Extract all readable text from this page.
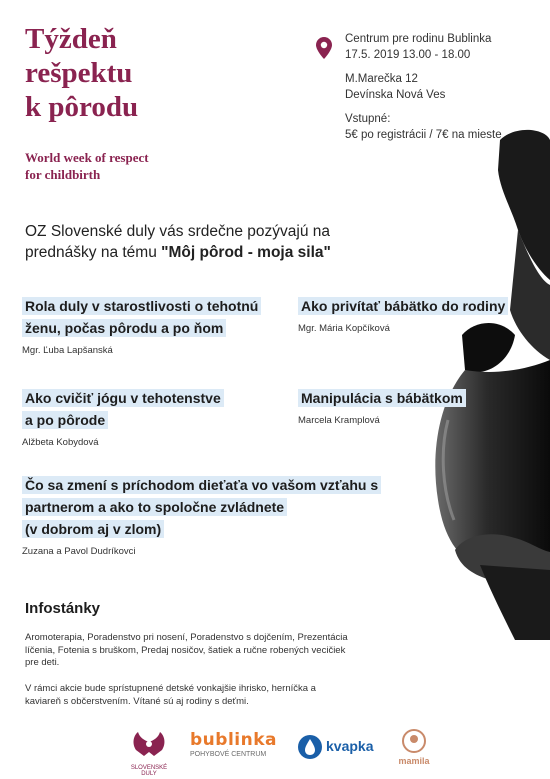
Týždeň
rešpektu
k pôrodu
World week of respect
for childbirth
Centrum pre rodinu Bublinka
17.5. 2019 13.00 - 18.00
M.Marečka 12
Devínska Nová Ves
Vstupné:
5€ po registrácii / 7€ na mieste
OZ Slovenské duly vás srdečne pozývajú na
prednášky na tému "Môj pôrod - moja sila"
Rola duly v starostlivosti o tehotnú
ženu, počas pôrodu a po ňom
Mgr. Ľuba Lapšanská
Ako privítať bábätko do rodiny
Mgr. Mária Kopčíková
Ako cvičiť jógu v tehotenstve
a po pôrode
Alžbeta Kobydová
Manipulácia s bábätkom
Marcela Kramplová
Čo sa zmení s príchodom dieťaťa vo vašom vzťahu s
partnerom a ako to spoločne zvládnete
(v dobrom aj v zlom)
Zuzana a Pavol Dudríkovci
Infostánky
Aromoterapia, Poradenstvo pri nosení, Poradenstvo s dojčením, Prezentácia
líčenia, Fotenia s bruškom, Predaj nosičov, šatiek a ručne robených vecičiek
pre deti.
V rámci akcie bude sprístupnené detské vonkajšie ihrisko, herníčka a
kaviareň s občerstvením. Vítané sú aj rodiny s deťmi.
SLOVENSKÉ DULY
bublinka
POHYBOVÉ CENTRUM
kvapka
mamila
